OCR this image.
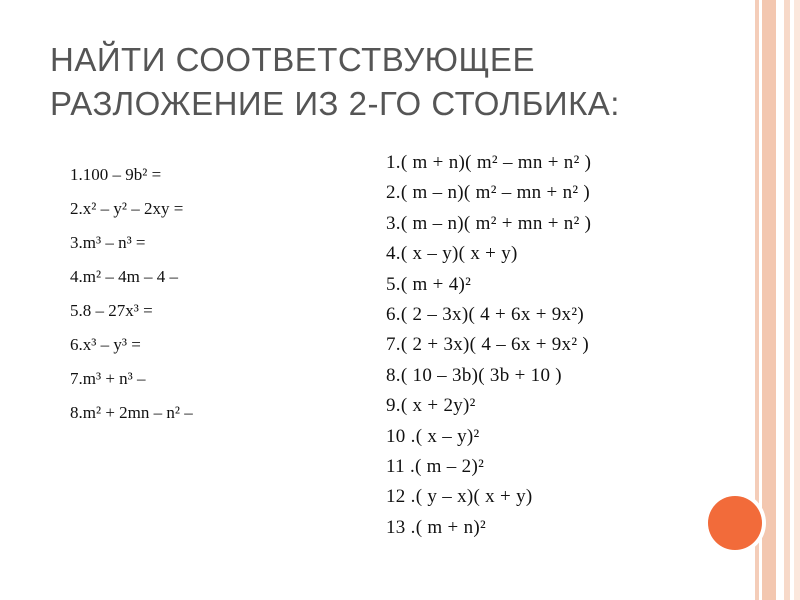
НАЙТИ СООТВЕТСТВУЮЩЕЕ
РАЗЛОЖЕНИЕ ИЗ 2-ГО СТОЛБИКА:
1.100 – 9b² =
2.x² – y² – 2xy =
3.m³ – n³ =
4.m² – 4m – 4 –
5.8 – 27x³ =
6.x³ – y³ =
7.m³ + n³ –
8.m² + 2mn – n² –
1.( m + n)( m² – mn + n² )
2.( m – n)( m² – mn + n² )
3.( m – n)( m² + mn + n² )
4.( x – y)( x + y)
5.( m + 4)²
6.( 2 – 3x)( 4 + 6x + 9x²)
7.( 2 + 3x)( 4 – 6x + 9x² )
8.( 10 – 3b)( 3b + 10 )
9.( x + 2y)²
10 .( x – y)²
11 .( m – 2)²
12 .( y – x)( x + y)
13 .( m + n)²
